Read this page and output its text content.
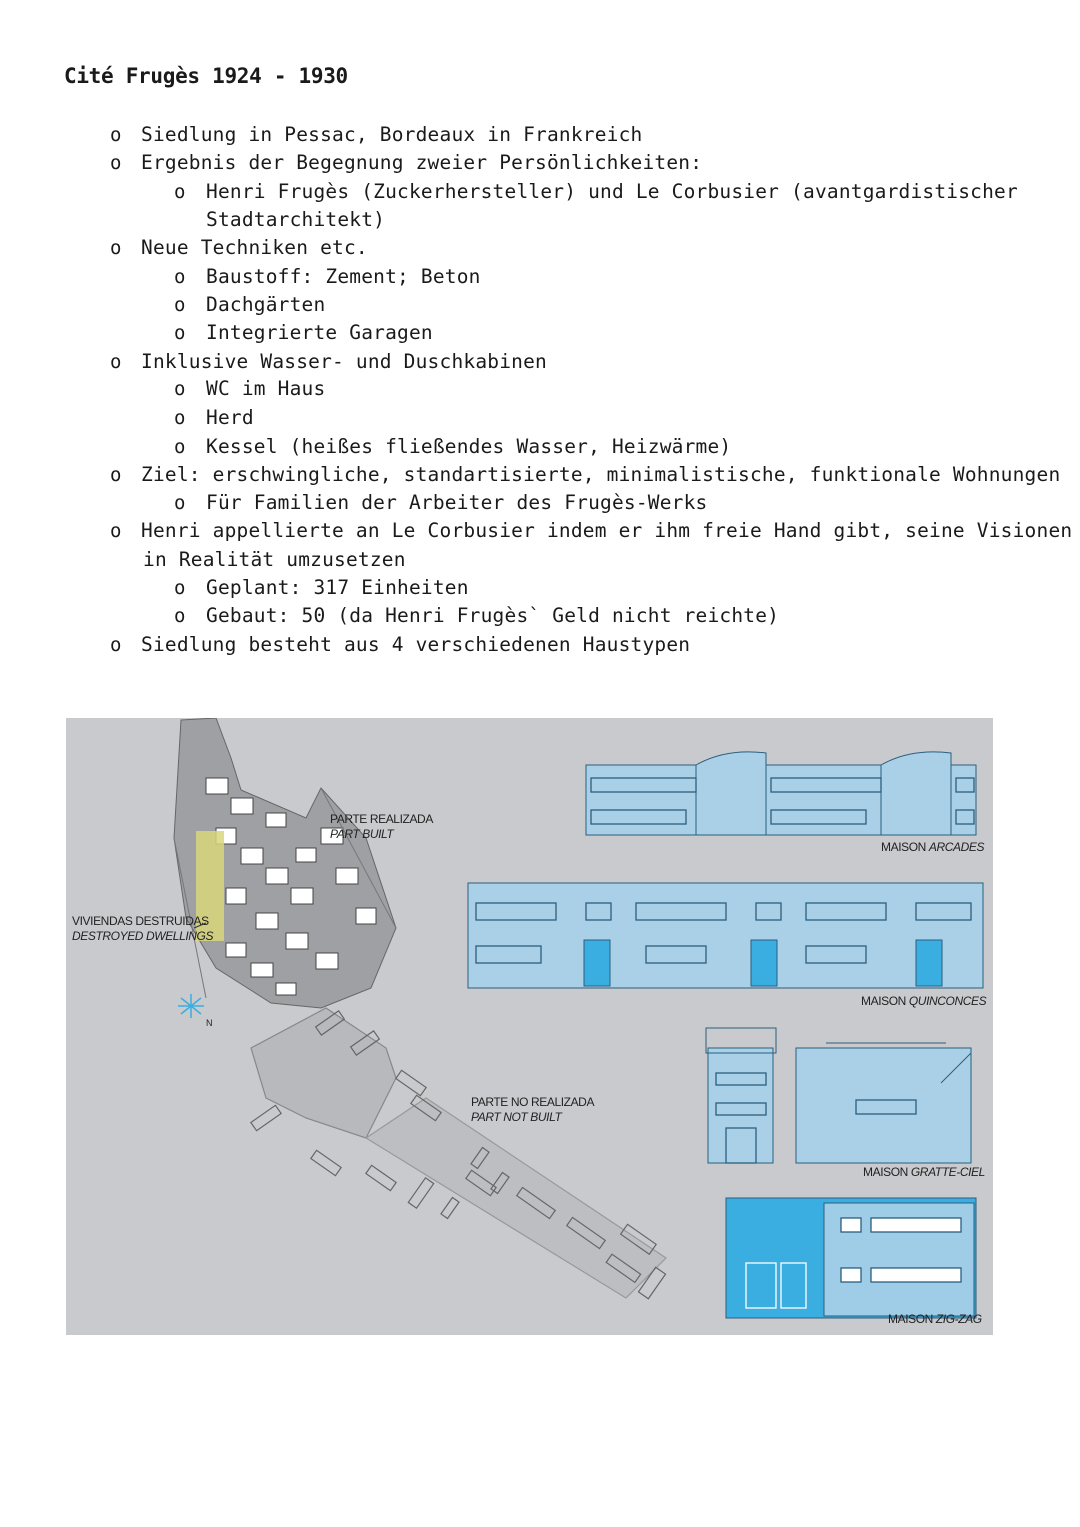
Cité Frugès 1924 - 1930
o Siedlung in Pessac, Bordeaux in Frankreich
o Ergebnis der Begegnung zweier Persönlichkeiten:
o Henri Frugès (Zuckerhersteller) und Le Corbusier (avantgardistischer
Stadtarchitekt)
o Neue Techniken etc.
o Baustoff: Zement; Beton
o Dachgärten
o Integrierte Garagen
o Inklusive Wasser- und Duschkabinen
o WC im Haus
o Herd
o Kessel (heißes fließendes Wasser, Heizwärme)
o Ziel: erschwingliche, standartisierte, minimalistische, funktionale Wohnungen
o Für Familien der Arbeiter des Frugès-Werks
o Henri appellierte an Le Corbusier indem er ihm freie Hand gibt, seine Visionen
in Realität umzusetzen
o Geplant: 317 Einheiten
o Gebaut: 50 (da Henri Frugès` Geld nicht reichte)
o Siedlung besteht aus 4 verschiedenen Haustypen
PARTE REALIZADA
PART BUILT
VIVIENDAS DESTRUIDAS
DESTROYED DWELLINGS
PARTE NO REALIZADA
PART NOT BUILT
N
MAISON ARCADES
MAISON QUINCONCES
MAISON GRATTE-CIEL
MAISON ZIG-ZAG
